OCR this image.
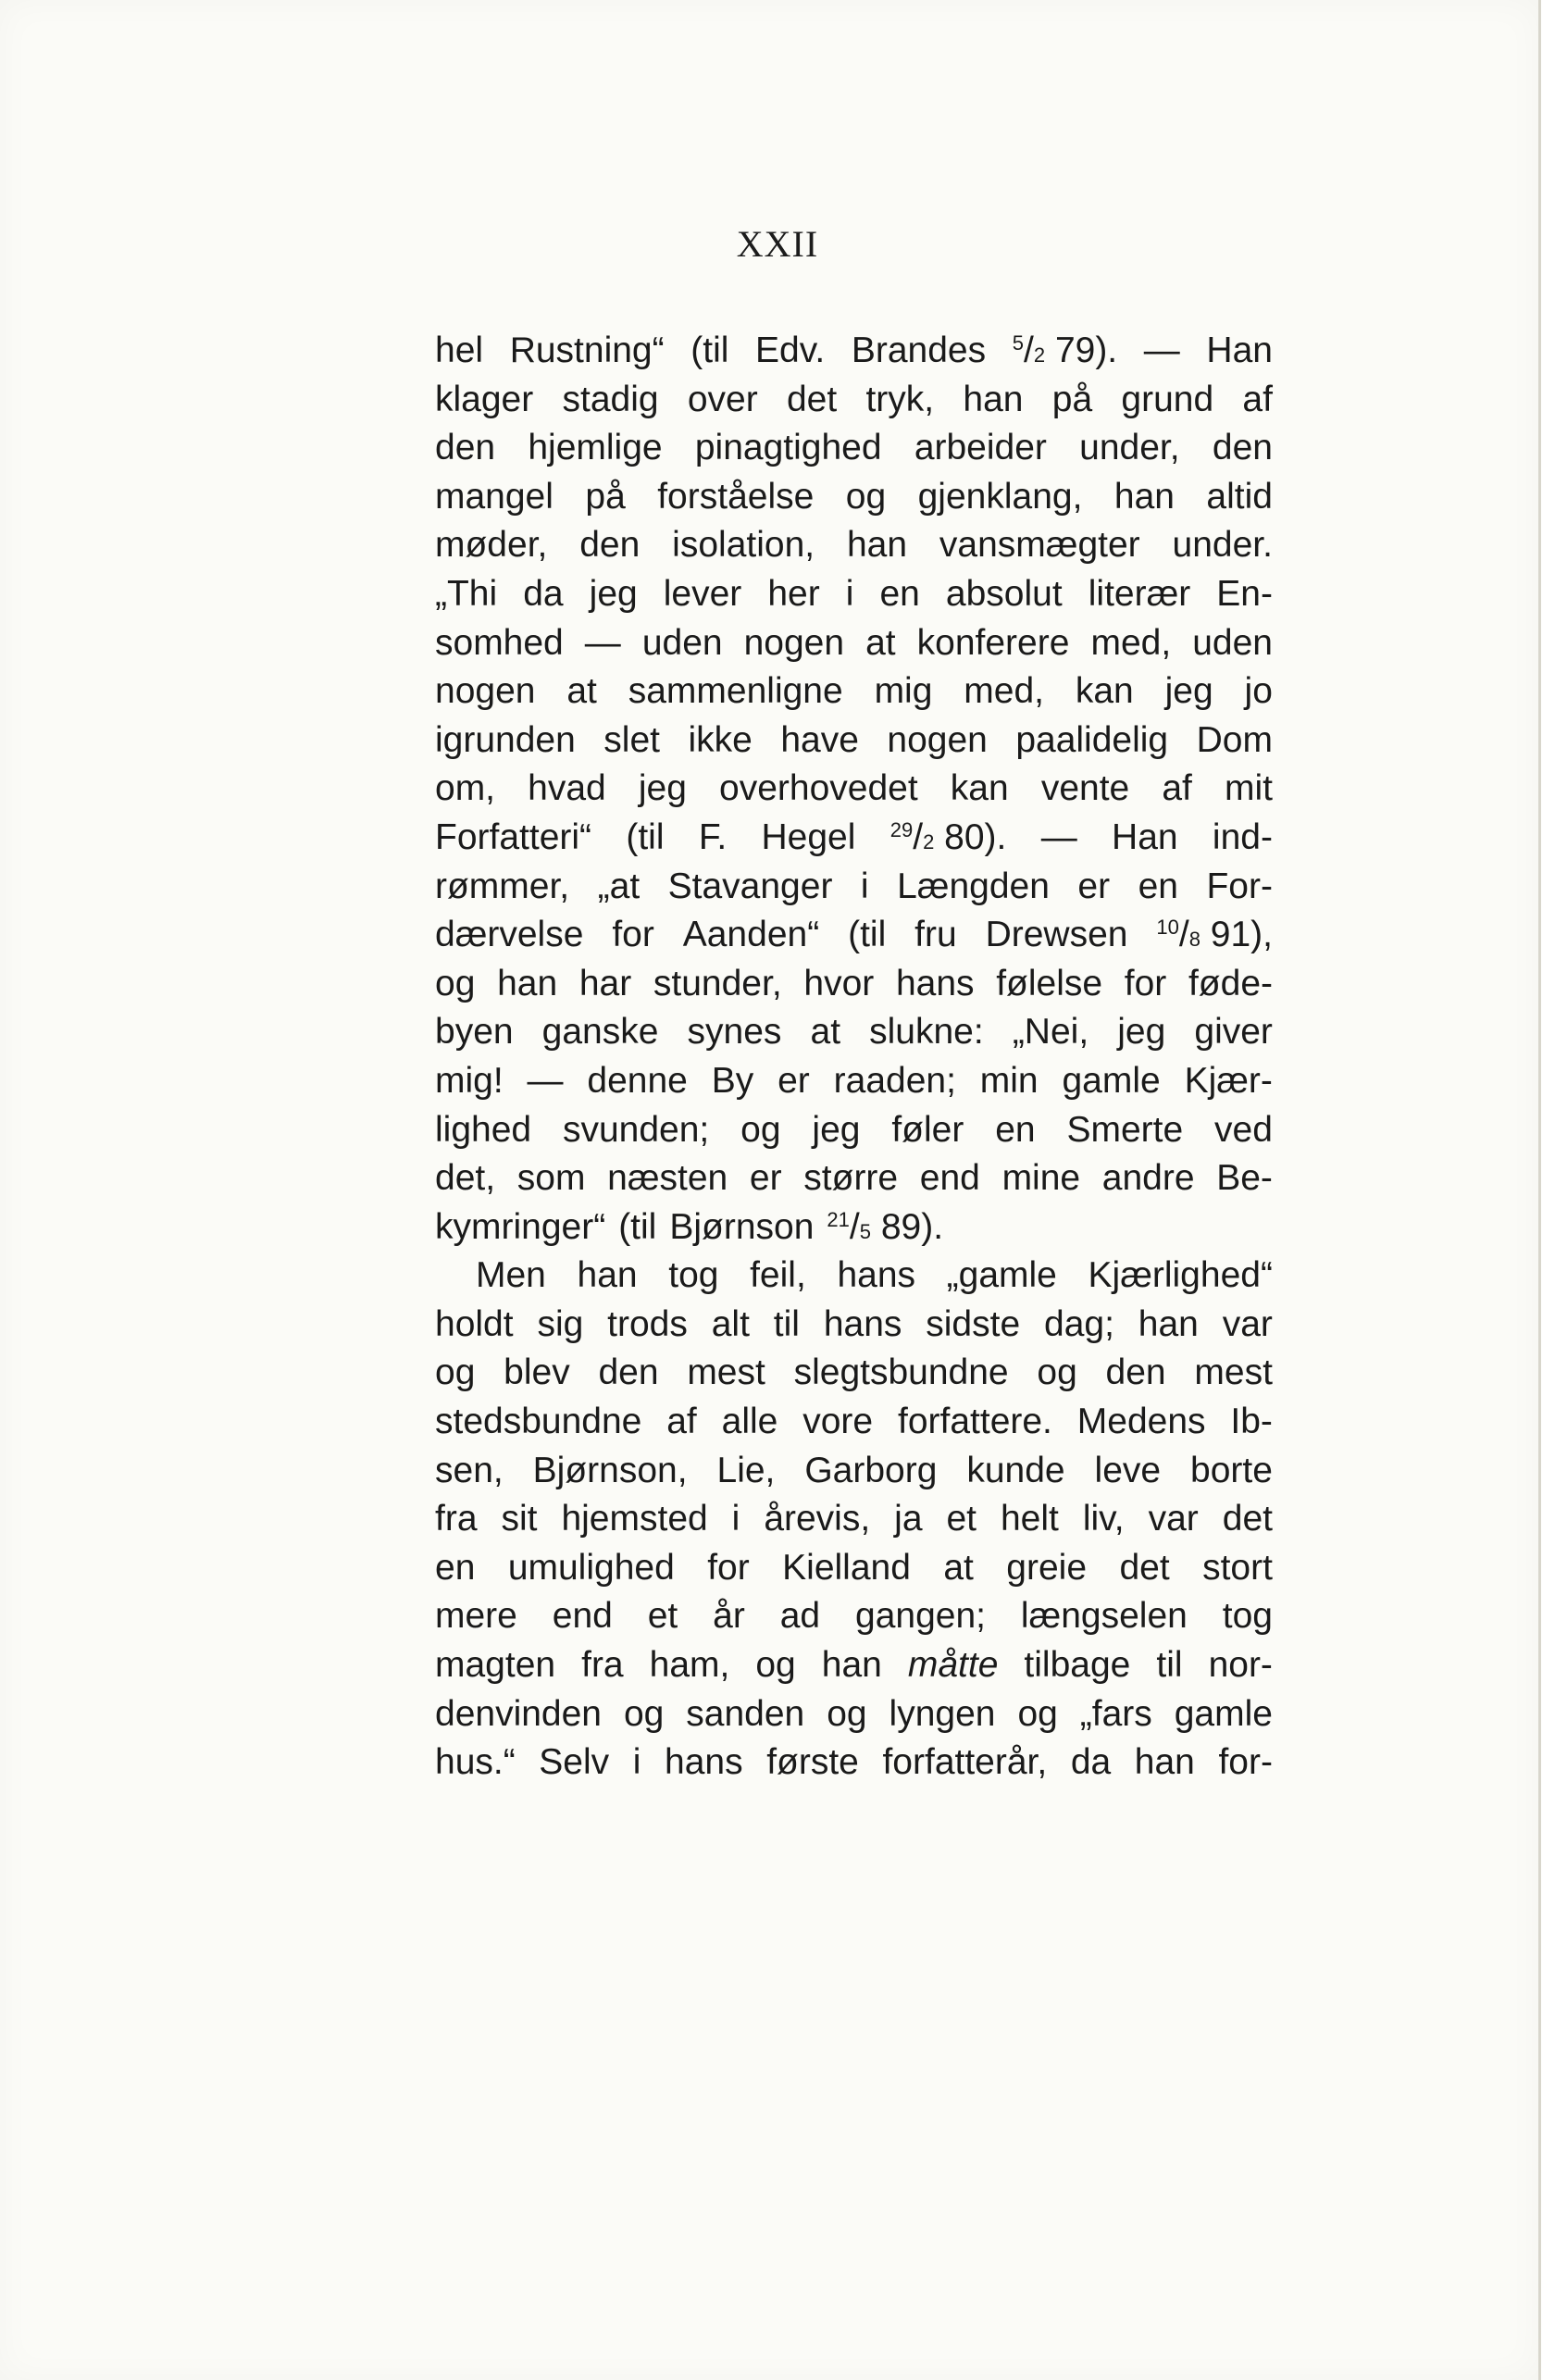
XXII
hel Rustning“ (til Edv. Brandes $^5$/2 79). — Han
klager stadig over det tryk, han på grund af
den hjemlige pinagtighed arbeider under, den
mangel på forståelse og gjenklang, han altid
møder, den isolation, han vansmægter under.
„Thi da jeg lever her i en absolut literær En-
somhed — uden nogen at konferere med, uden
nogen at sammenligne mig med, kan jeg jo
igrunden slet ikke have nogen paalidelig Dom
om, hvad jeg overhovedet kan vente af mit
Forfatteri“ (til F. Hegel $^{29}$/2 80). — Han ind-
rømmer, „at Stavanger i Længden er en For-
dærvelse for Aanden“ (til fru Drewsen $^{10}$/8 91),
og han har stunder, hvor hans følelse for føde-
byen ganske synes at slukne: „Nei, jeg giver
mig! — denne By er raaden; min gamle Kjær-
lighed svunden; og jeg føler en Smerte ved
det, som næsten er større end mine andre Be-
kymringer“ (til Bjørnson $^{21}$/5 89).
Men han tog feil, hans „gamle Kjærlighed“
holdt sig trods alt til hans sidste dag; han var
og blev den mest slegtsbundne og den mest
stedsbundne af alle vore forfattere. Medens Ib-
sen, Bjørnson, Lie, Garborg kunde leve borte
fra sit hjemsted i årevis, ja et helt liv, var det
en umulighed for Kielland at greie det stort
mere end et år ad gangen; længselen tog
magten fra ham, og han måtte tilbage til nor-
denvinden og sanden og lyngen og „fars gamle
hus.“ Selv i hans første forfatterår, da han for-
